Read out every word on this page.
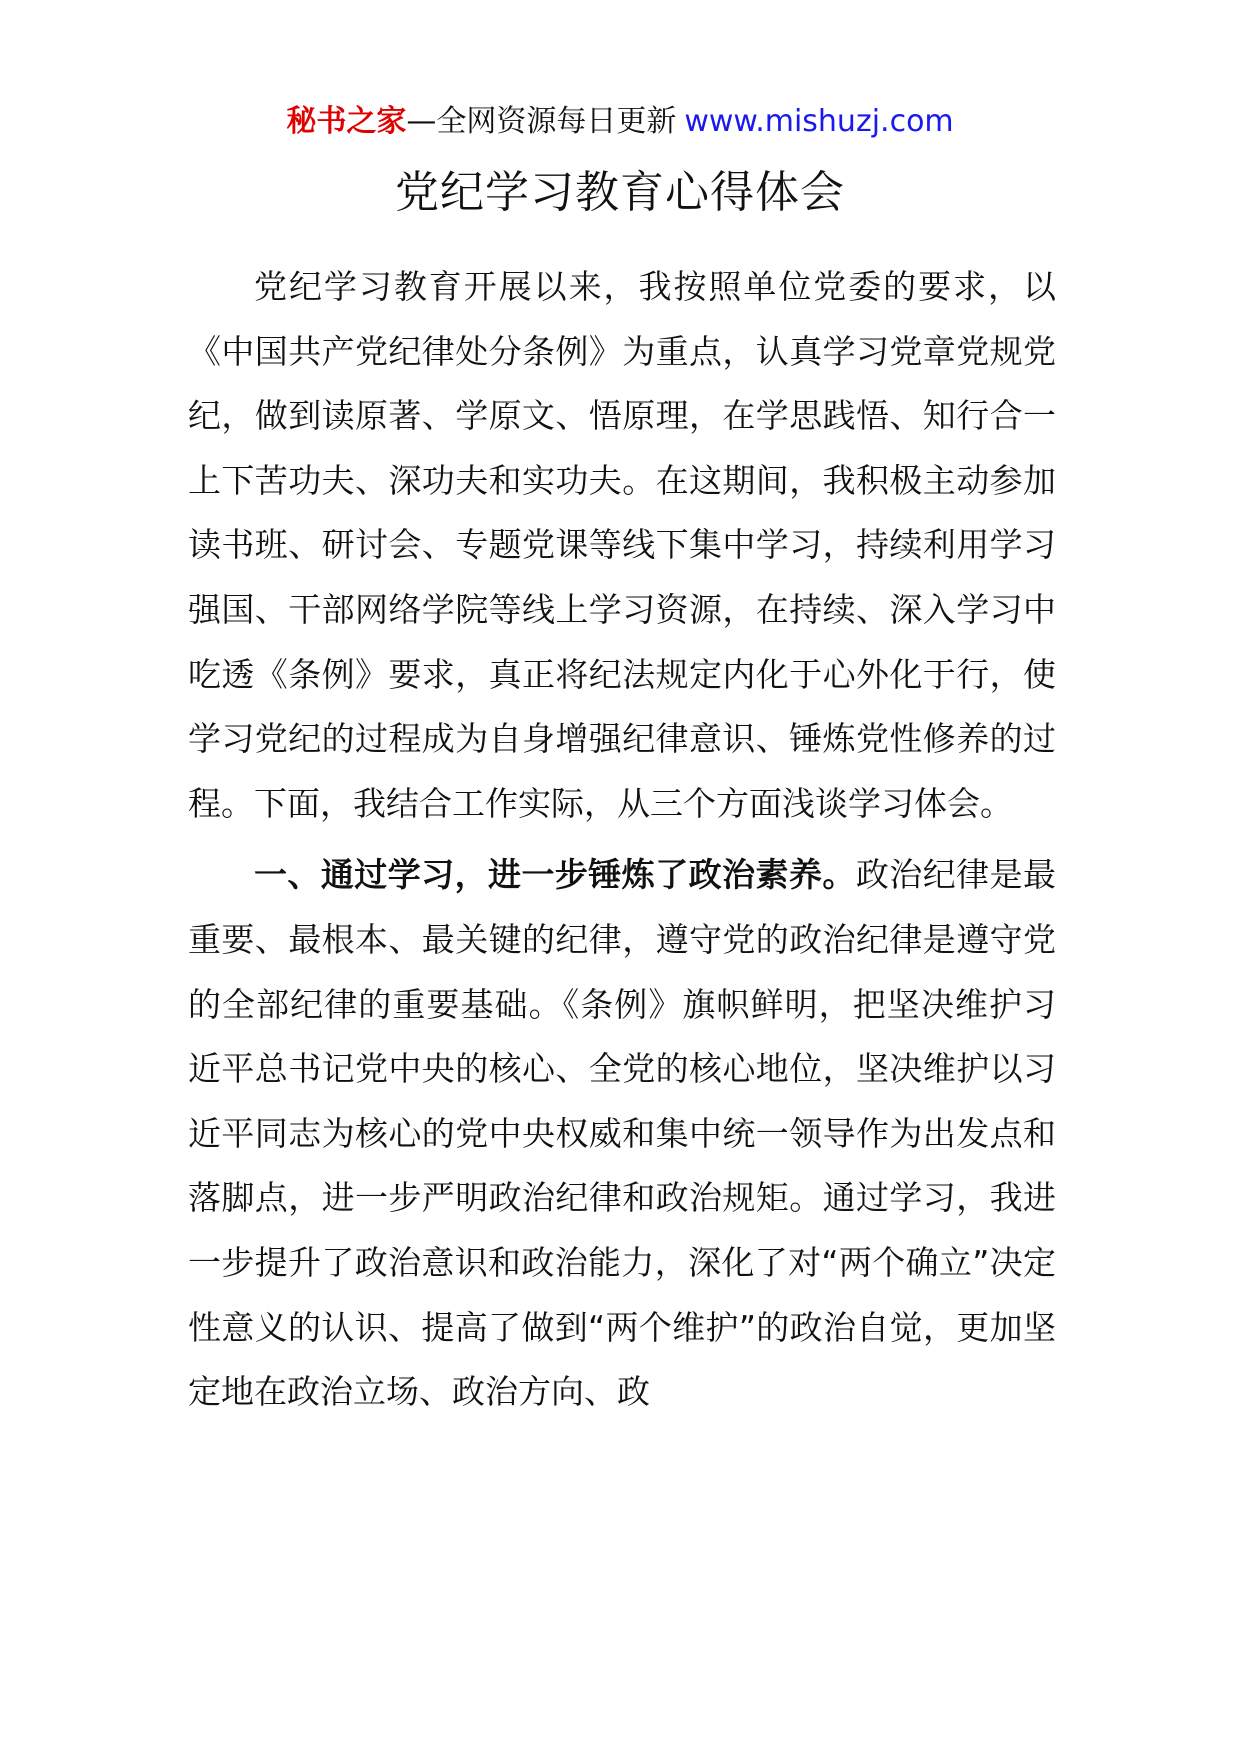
秘书之家—全网资源每日更新 www.mishuzj.com
党纪学习教育心得体会

党纪学习教育开展以来，我按照单位党委的要求，以《中国共产党纪律处分条例》为重点，认真学习党章党规党纪，做到读原著、学原文、悟原理，在学思践悟、知行合一上下苦功夫、深功夫和实功夫。在这期间，我积极主动参加读书班、研讨会、专题党课等线下集中学习，持续利用学习强国、干部网络学院等线上学习资源，在持续、深入学习中吃透《条例》要求，真正将纪法规定内化于心外化于行，使学习党纪的过程成为自身增强纪律意识、锤炼党性修养的过程。下面，我结合工作实际，从三个方面浅谈学习体会。

一、通过学习，进一步锤炼了政治素养。政治纪律是最重要、最根本、最关键的纪律，遵守党的政治纪律是遵守党的全部纪律的重要基础。《条例》旗帜鲜明，把坚决维护习近平总书记党中央的核心、全党的核心地位，坚决维护以习近平同志为核心的党中央权威和集中统一领导作为出发点和落脚点，进一步严明政治纪律和政治规矩。通过学习，我进一步提升了政治意识和政治能力，深化了对“两个确立”决定性意义的认识、提高了做到“两个维护”的政治自觉，更加坚定地在政治立场、政治方向、政
